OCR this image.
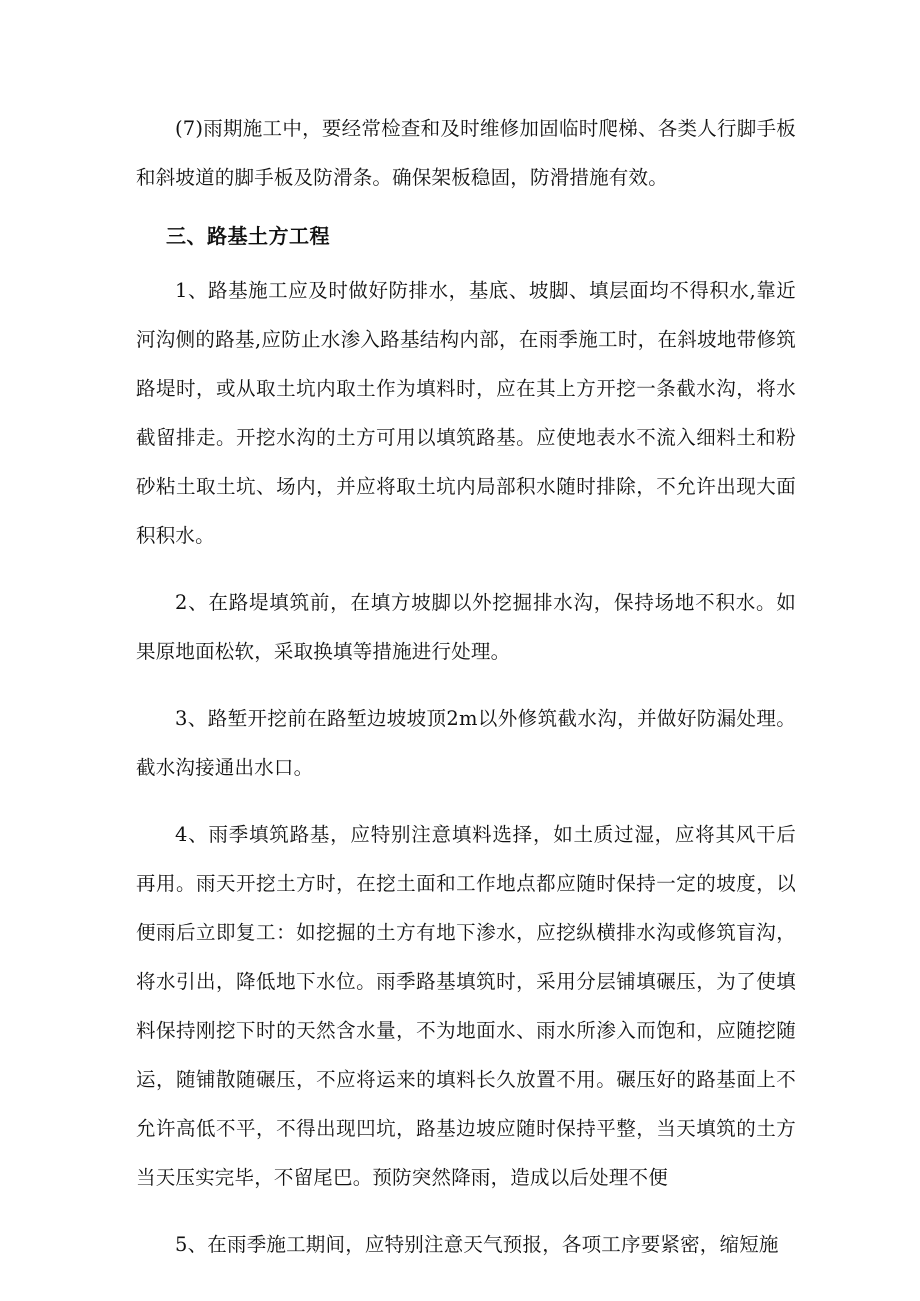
(7)雨期施工中，要经常检查和及时维修加固临时爬梯、各类人行脚手板和斜坡道的脚手板及防滑条。确保架板稳固，防滑措施有效。

三、路基土方工程

1、路基施工应及时做好防排水，基底、坡脚、填层面均不得积水,靠近河沟侧的路基,应防止水渗入路基结构内部，在雨季施工时，在斜坡地带修筑路堤时，或从取土坑内取土作为填料时，应在其上方开挖一条截水沟，将水截留排走。开挖水沟的土方可用以填筑路基。应使地表水不流入细料土和粉砂粘土取土坑、场内，并应将取土坑内局部积水随时排除，不允许出现大面积积水。

2、在路堤填筑前，在填方坡脚以外挖掘排水沟，保持场地不积水。如果原地面松软，采取换填等措施进行处理。

3、路堑开挖前在路堑边坡坡顶2m以外修筑截水沟，并做好防漏处理。截水沟接通出水口。

4、雨季填筑路基，应特别注意填料选择，如土质过湿，应将其风干后再用。雨天开挖土方时，在挖土面和工作地点都应随时保持一定的坡度，以便雨后立即复工：如挖掘的土方有地下渗水，应挖纵横排水沟或修筑盲沟，将水引出，降低地下水位。雨季路基填筑时，采用分层铺填碾压，为了使填料保持刚挖下时的天然含水量，不为地面水、雨水所渗入而饱和，应随挖随运，随铺散随碾压，不应将运来的填料长久放置不用。碾压好的路基面上不允许高低不平，不得出现凹坑，路基边坡应随时保持平整，当天填筑的土方当天压实完毕，不留尾巴。预防突然降雨，造成以后处理不便

5、在雨季施工期间，应特别注意天气预报，各项工序要紧密，缩短施
